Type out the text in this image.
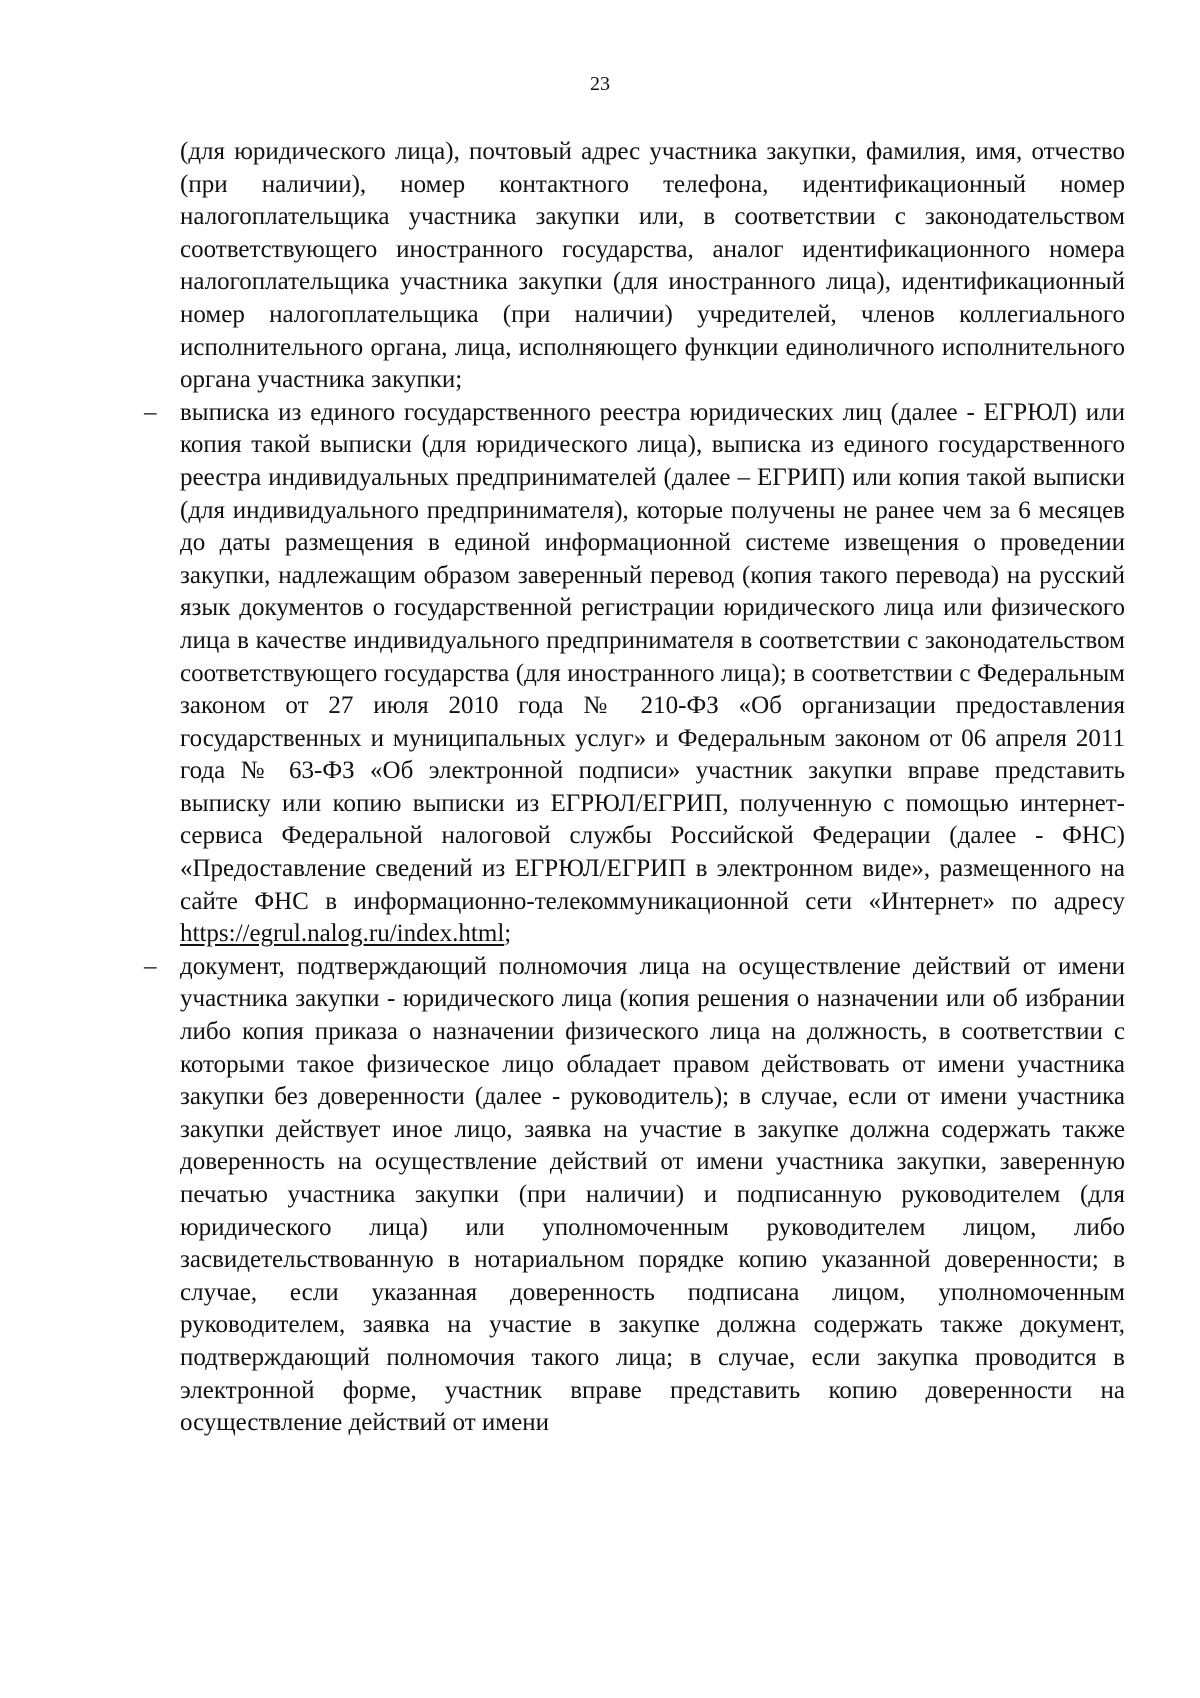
23

(для юридического лица), почтовый адрес участника закупки, фамилия, имя, отчество (при наличии), номер контактного телефона, идентификационный номер налогоплательщика участника закупки или, в соответствии с законодательством соответствующего иностранного государства, аналог идентификационного номера налогоплательщика участника закупки (для иностранного лица), идентификационный номер налогоплательщика (при наличии) учредителей, членов коллегиального исполнительного органа, лица, исполняющего функции единоличного исполнительного органа участника закупки;

– выписка из единого государственного реестра юридических лиц (далее - ЕГРЮЛ) или копия такой выписки (для юридического лица), выписка из единого государственного реестра индивидуальных предпринимателей (далее – ЕГРИП) или копия такой выписки (для индивидуального предпринимателя), которые получены не ранее чем за 6 месяцев до даты размещения в единой информационной системе извещения о проведении закупки, надлежащим образом заверенный перевод (копия такого перевода) на русский язык документов о государственной регистрации юридического лица или физического лица в качестве индивидуального предпринимателя в соответствии с законодательством соответствующего государства (для иностранного лица); в соответствии с Федеральным законом от 27 июля 2010 года № 210-ФЗ «Об организации предоставления государственных и муниципальных услуг» и Федеральным законом от 06 апреля 2011 года № 63-ФЗ «Об электронной подписи» участник закупки вправе представить выписку или копию выписки из ЕГРЮЛ/ЕГРИП, полученную с помощью интернет-сервиса Федеральной налоговой службы Российской Федерации (далее - ФНС) «Предоставление сведений из ЕГРЮЛ/ЕГРИП в электронном виде», размещенного на сайте ФНС в информационно-телекоммуникационной сети «Интернет» по адресу https://egrul.nalog.ru/index.html;

– документ, подтверждающий полномочия лица на осуществление действий от имени участника закупки - юридического лица (копия решения о назначении или об избрании либо копия приказа о назначении физического лица на должность, в соответствии с которыми такое физическое лицо обладает правом действовать от имени участника закупки без доверенности (далее - руководитель); в случае, если от имени участника закупки действует иное лицо, заявка на участие в закупке должна содержать также доверенность на осуществление действий от имени участника закупки, заверенную печатью участника закупки (при наличии) и подписанную руководителем (для юридического лица) или уполномоченным руководителем лицом, либо засвидетельствованную в нотариальном порядке копию указанной доверенности; в случае, если указанная доверенность подписана лицом, уполномоченным руководителем, заявка на участие в закупке должна содержать также документ, подтверждающий полномочия такого лица; в случае, если закупка проводится в электронной форме, участник вправе представить копию доверенности на осуществление действий от имени
